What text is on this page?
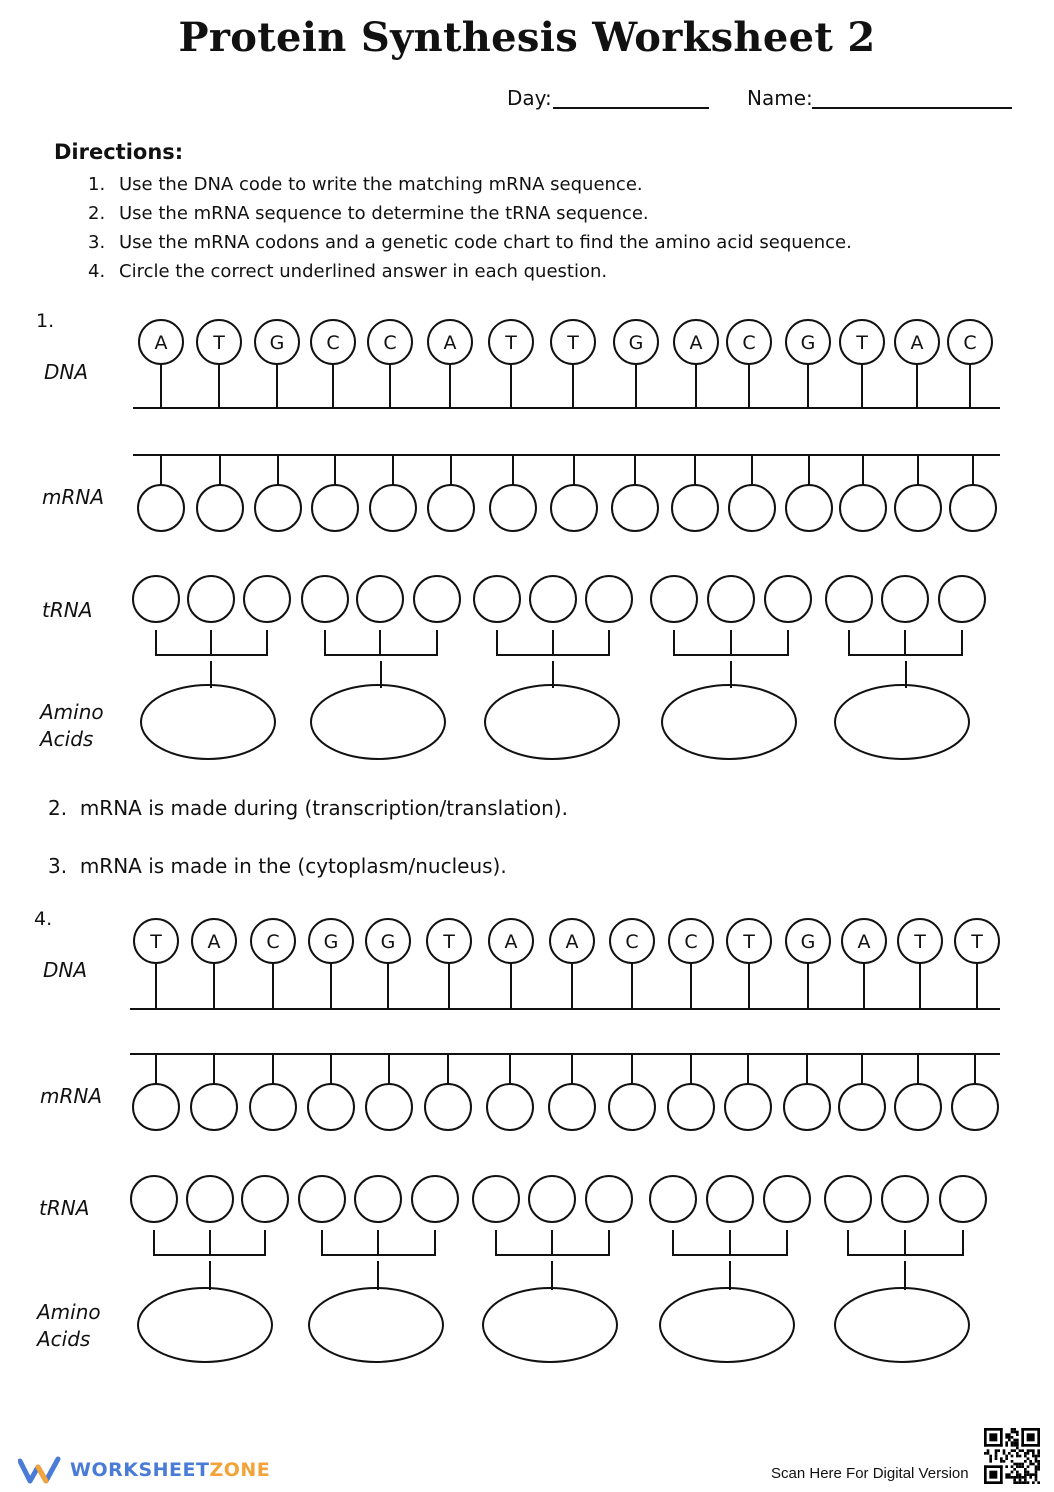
Protein Synthesis Worksheet 2
Day:	Name:
Directions:
1. Use the DNA code to write the matching mRNA sequence.
2. Use the mRNA sequence to determine the tRNA sequence.
3. Use the mRNA codons and a genetic code chart to find the amino acid sequence.
4. Circle the correct underlined answer in each question.
1.
DNA
mRNA
tRNA
Amino
Acids
2. mRNA is made during (transcription/translation).
3. mRNA is made in the (cytoplasm/nucleus).
4.
DNA
mRNA
tRNA
Amino
Acids
A T G C C A	T	T	G A C G T A C
T A C G G	T	A	A C C T G A T T
WORKSHEETZONE	Scan Here For Digital Version
